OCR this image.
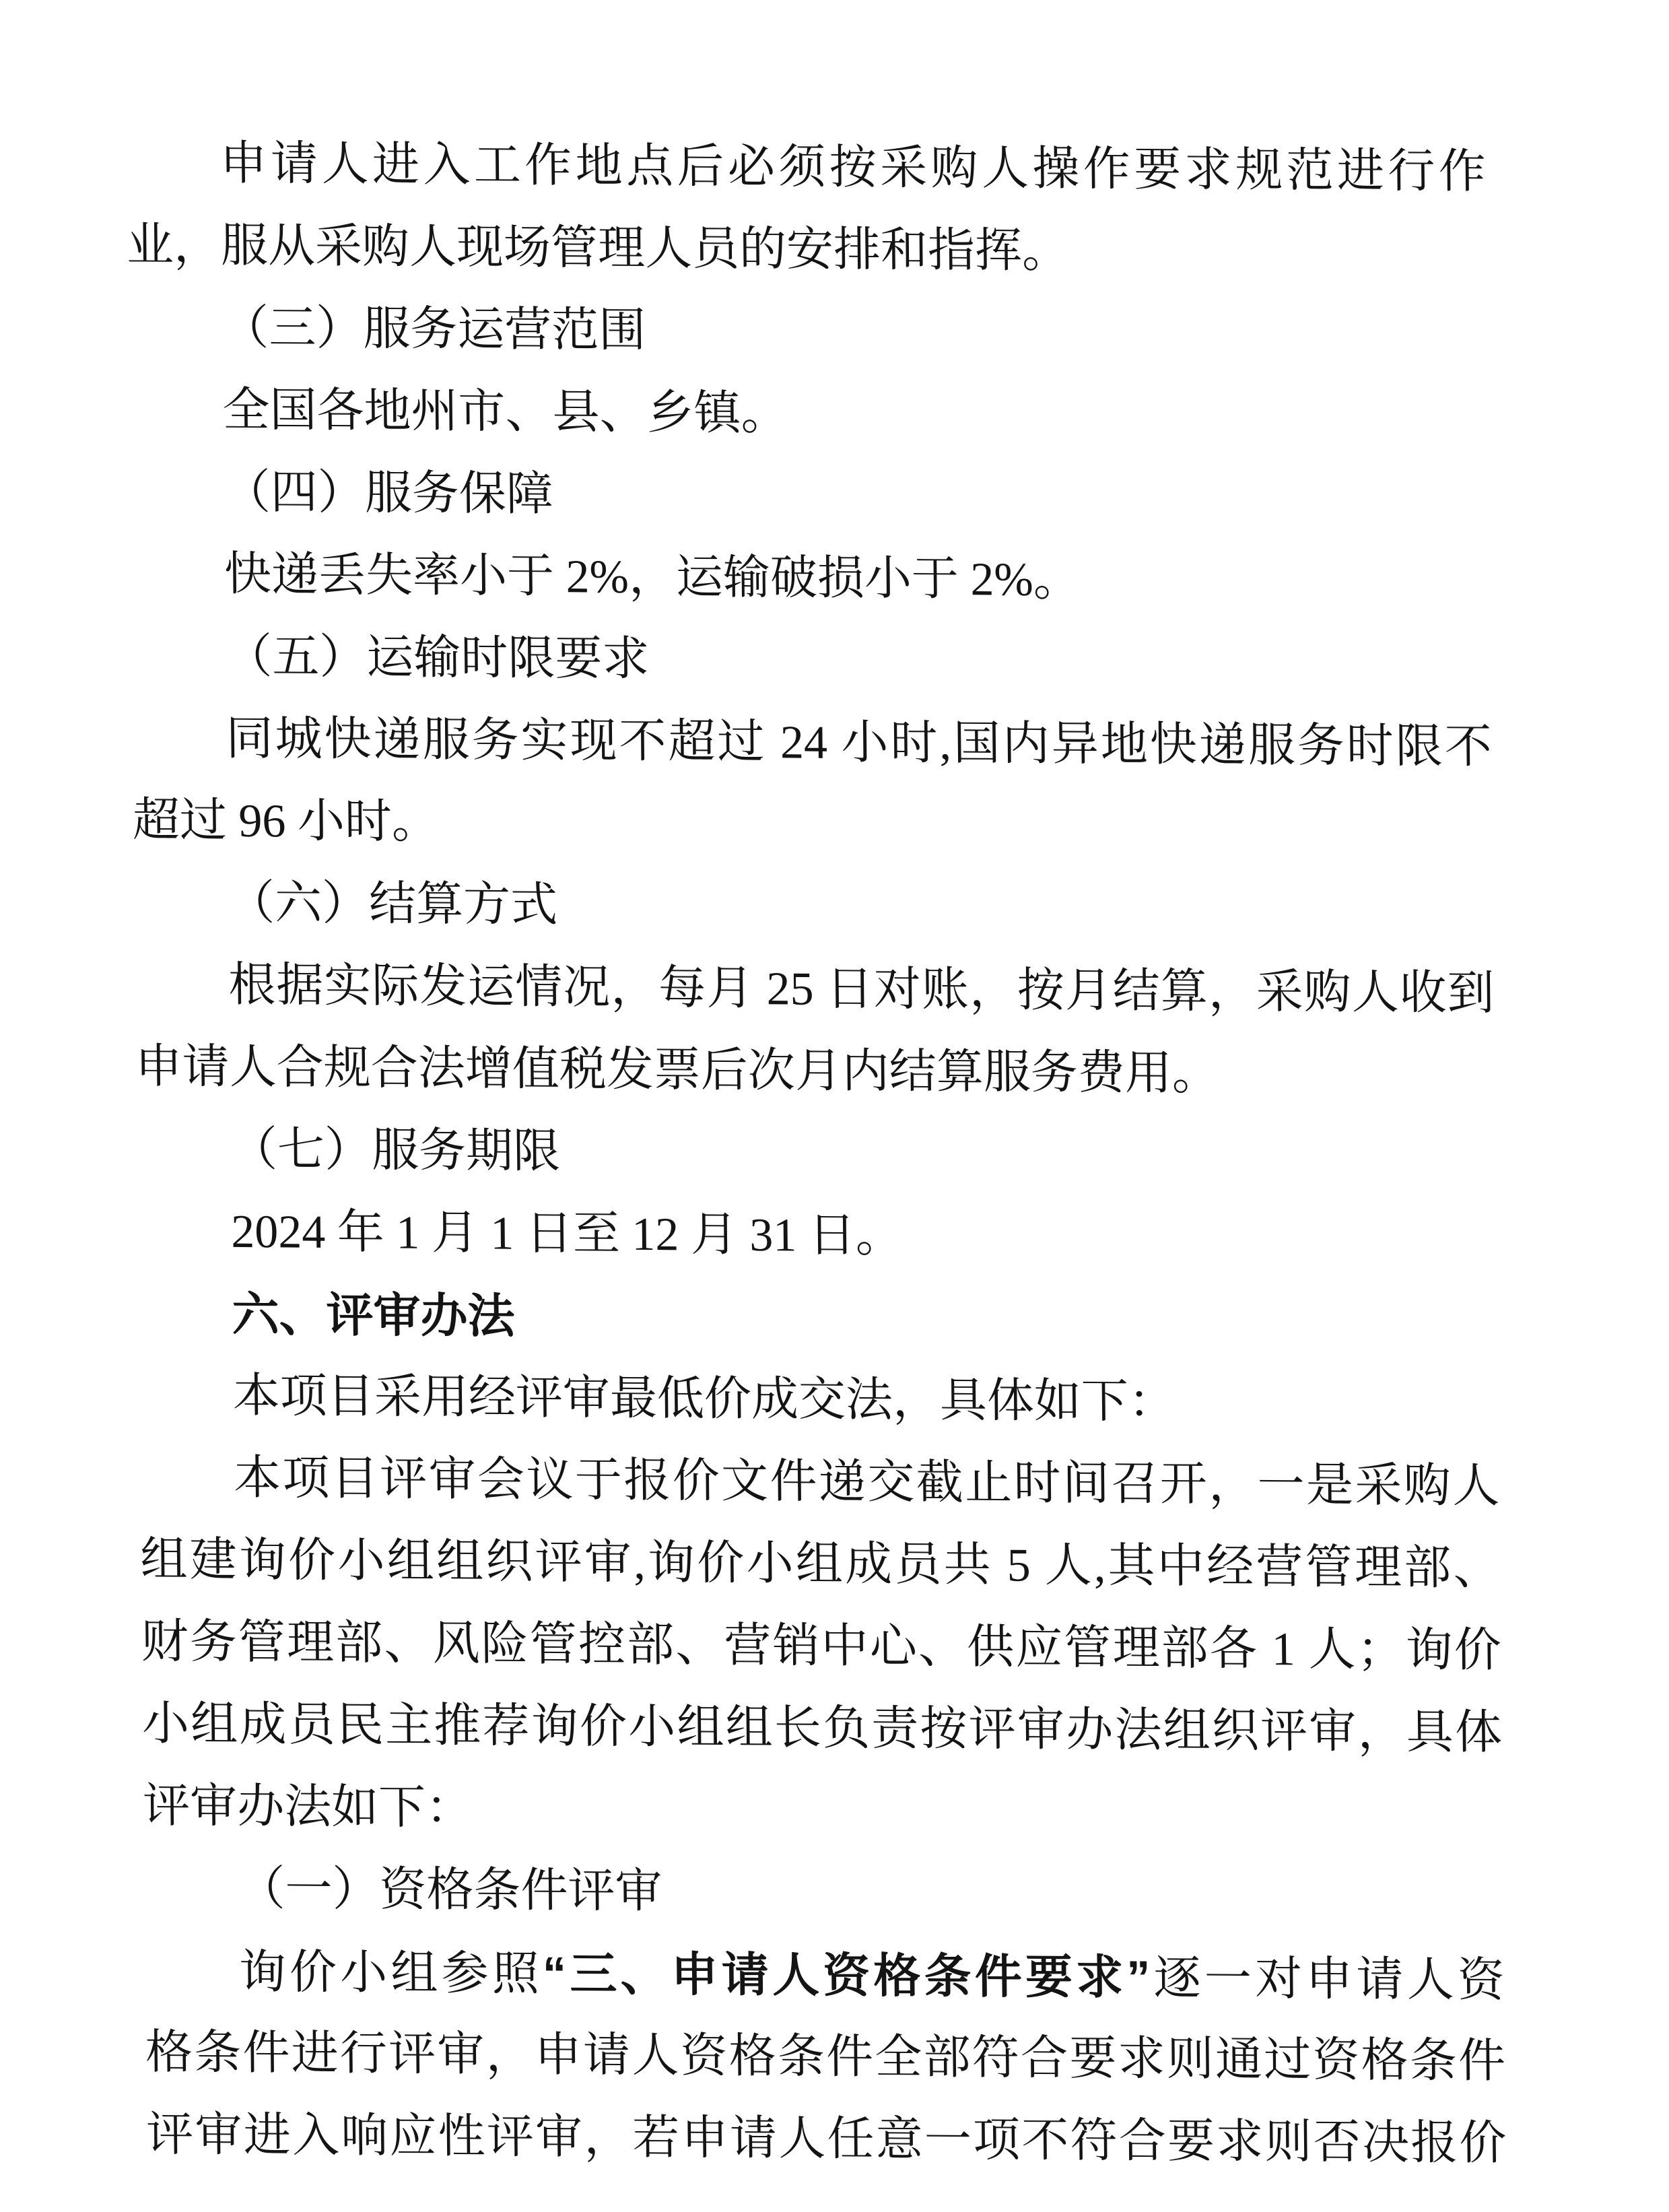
申请人进入工作地点后必须按采购人操作要求规范进行作
业，服从采购人现场管理人员的安排和指挥。
（三）服务运营范围
全国各地州市、县、乡镇。
（四）服务保障
快递丢失率小于 2%，运输破损小于 2%。
（五）运输时限要求
同城快递服务实现不超过 24 小时,国内异地快递服务时限不
超过 96 小时。
（六）结算方式
根据实际发运情况，每月 25 日对账，按月结算，采购人收到
申请人合规合法增值税发票后次月内结算服务费用。
（七）服务期限
2024 年 1 月 1 日至 12 月 31 日。
六、评审办法
本项目采用经评审最低价成交法，具体如下：
本项目评审会议于报价文件递交截止时间召开，一是采购人
组建询价小组组织评审,询价小组成员共 5 人,其中经营管理部、
财务管理部、风险管控部、营销中心、供应管理部各 1 人；询价
小组成员民主推荐询价小组组长负责按评审办法组织评审，具体
评审办法如下：
（一）资格条件评审
询价小组参照“三、申请人资格条件要求”逐一对申请人资
格条件进行评审，申请人资格条件全部符合要求则通过资格条件
评审进入响应性评审，若申请人任意一项不符合要求则否决报价
